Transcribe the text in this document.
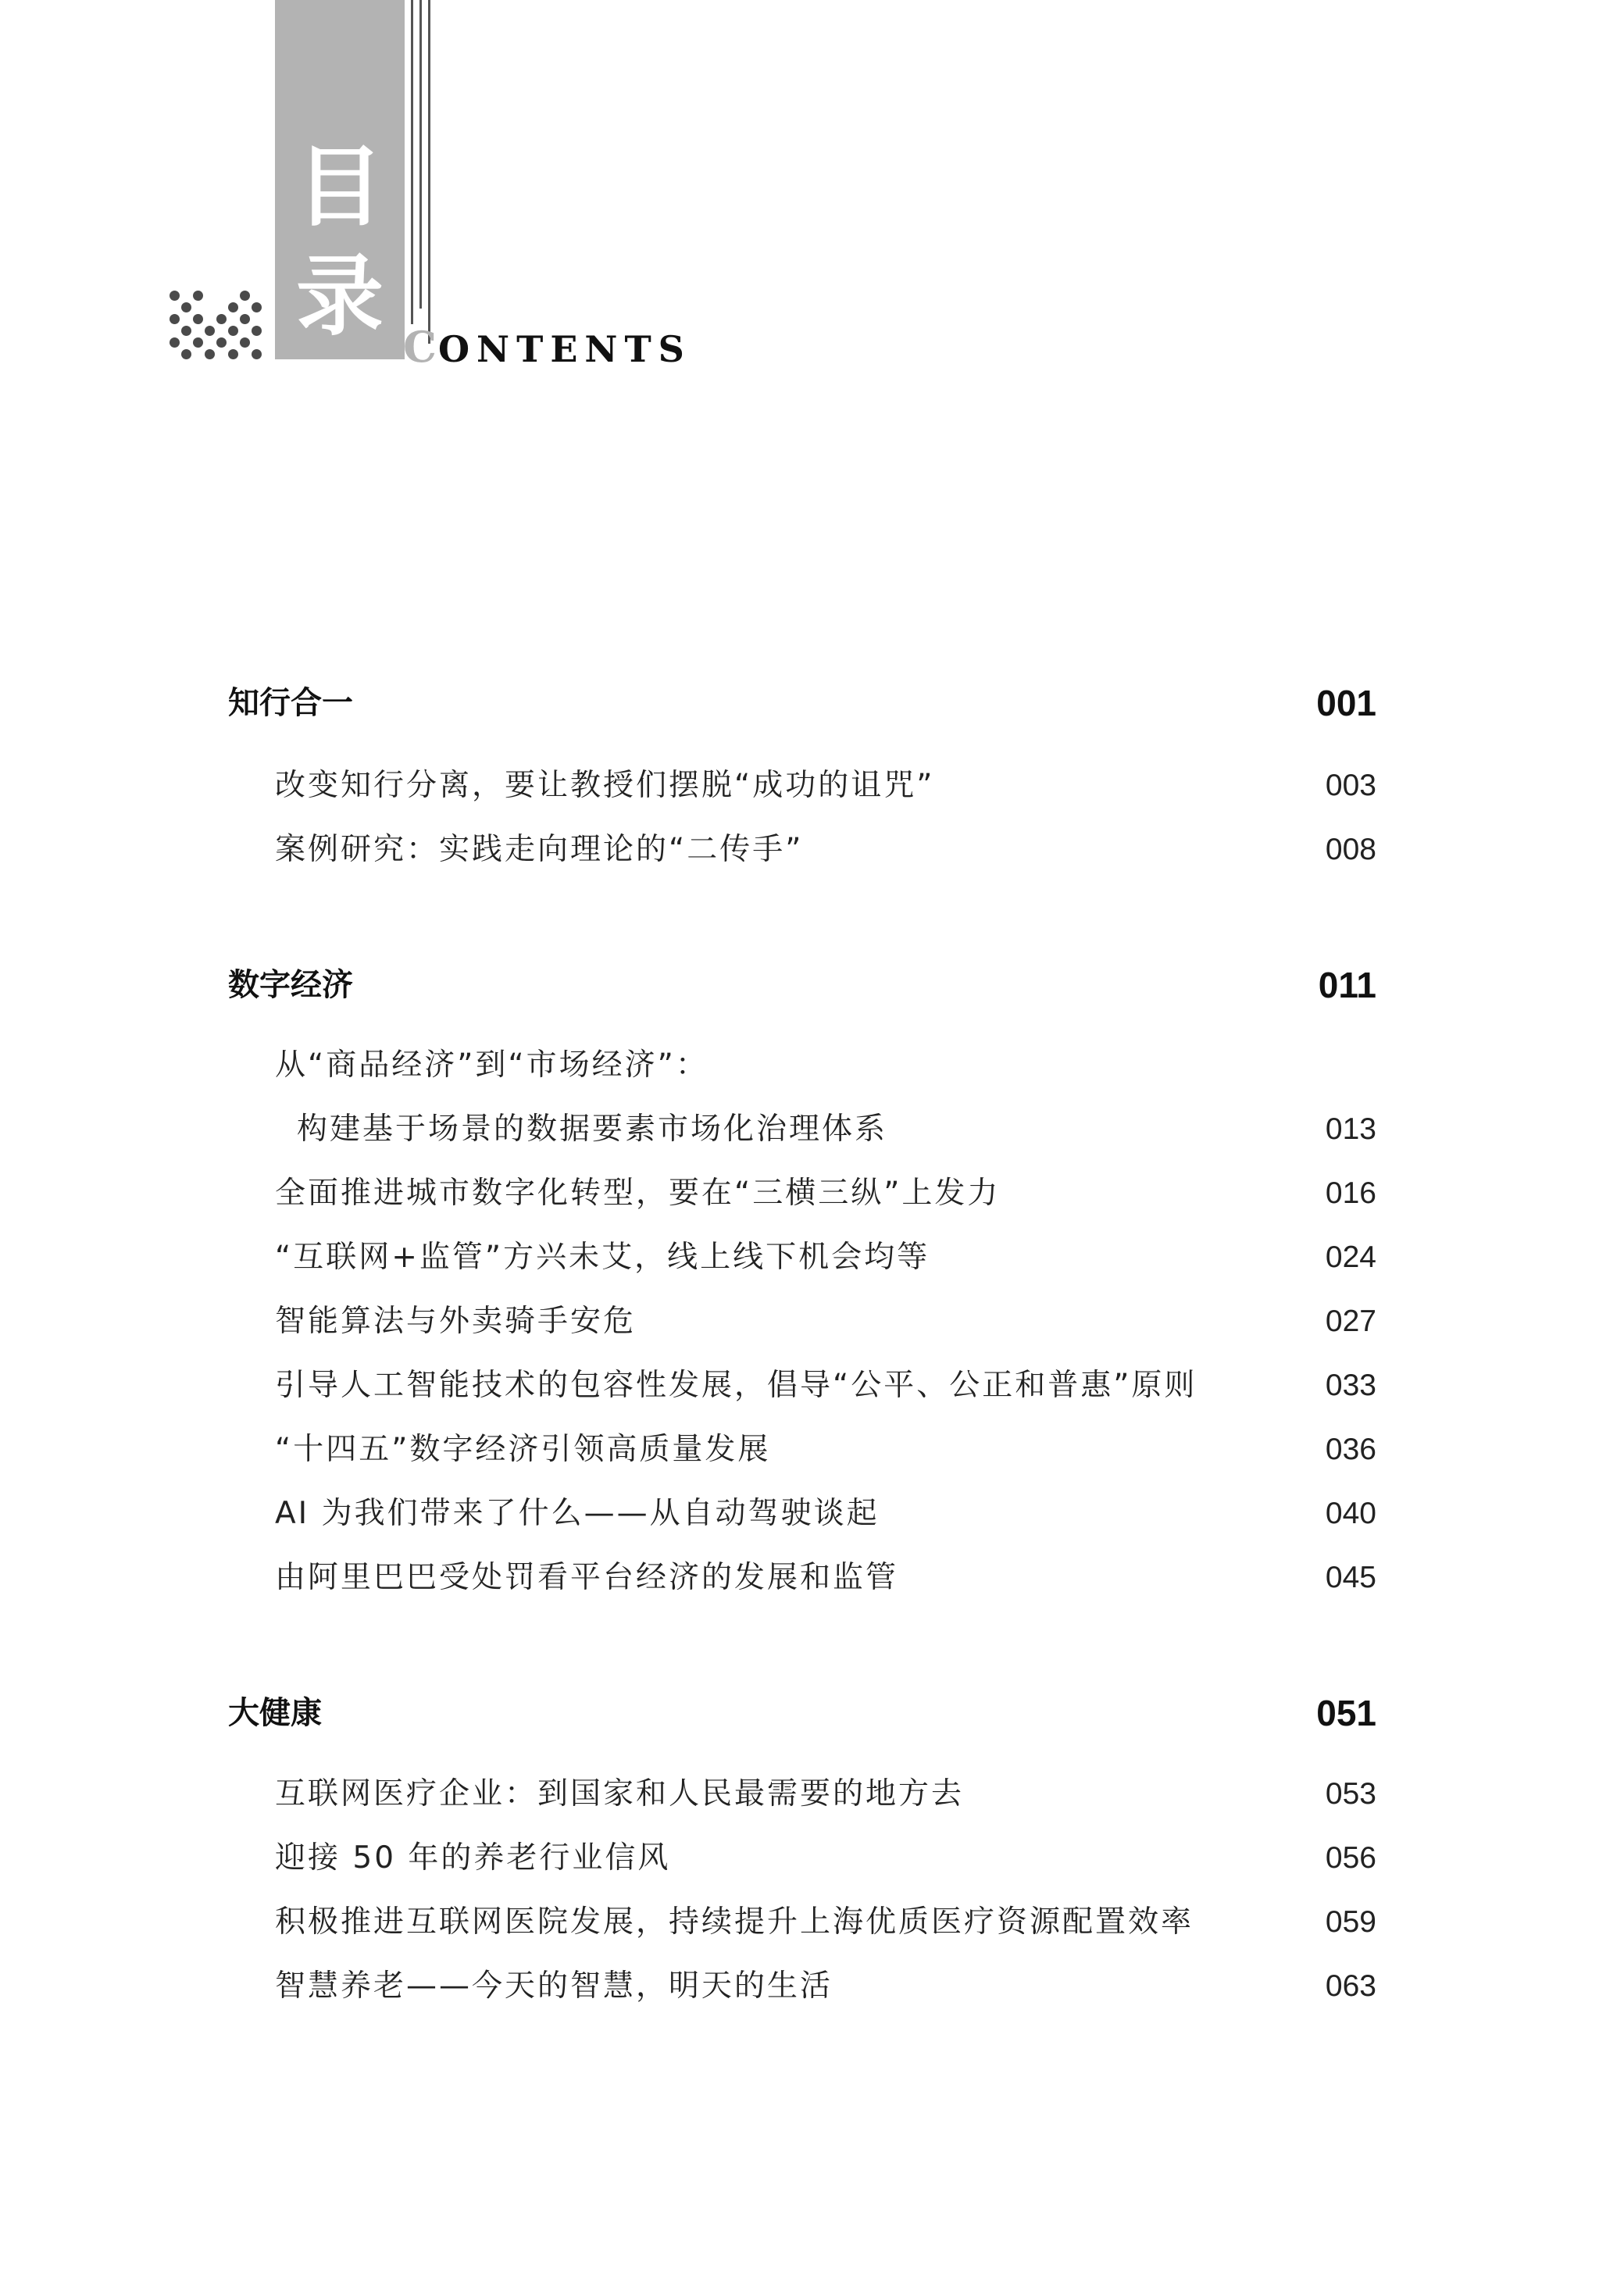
目
录 CONTENTS
知行合一	001
改变知行分离，要让教授们摆脱“成功的诅咒”	003
案例研究：实践走向理论的“二传手”	008
数字经济	011
从“商品经济”到“市场经济”：
构建基于场景的数据要素市场化治理体系	013
全面推进城市数字化转型，要在“三横三纵”上发力	016
“互联网+监管”方兴未艾，线上线下机会均等	024
智能算法与外卖骑手安危	027
引导人工智能技术的包容性发展，倡导“公平、公正和普惠”原则	033
“十四五”数字经济引领高质量发展	036
AI 为我们带来了什么——从自动驾驶谈起	040
由阿里巴巴受处罚看平台经济的发展和监管	045
大健康	051
互联网医疗企业：到国家和人民最需要的地方去	053
迎接 50 年的养老行业信风	056
积极推进互联网医院发展，持续提升上海优质医疗资源配置效率	059
智慧养老——今天的智慧，明天的生活	063
